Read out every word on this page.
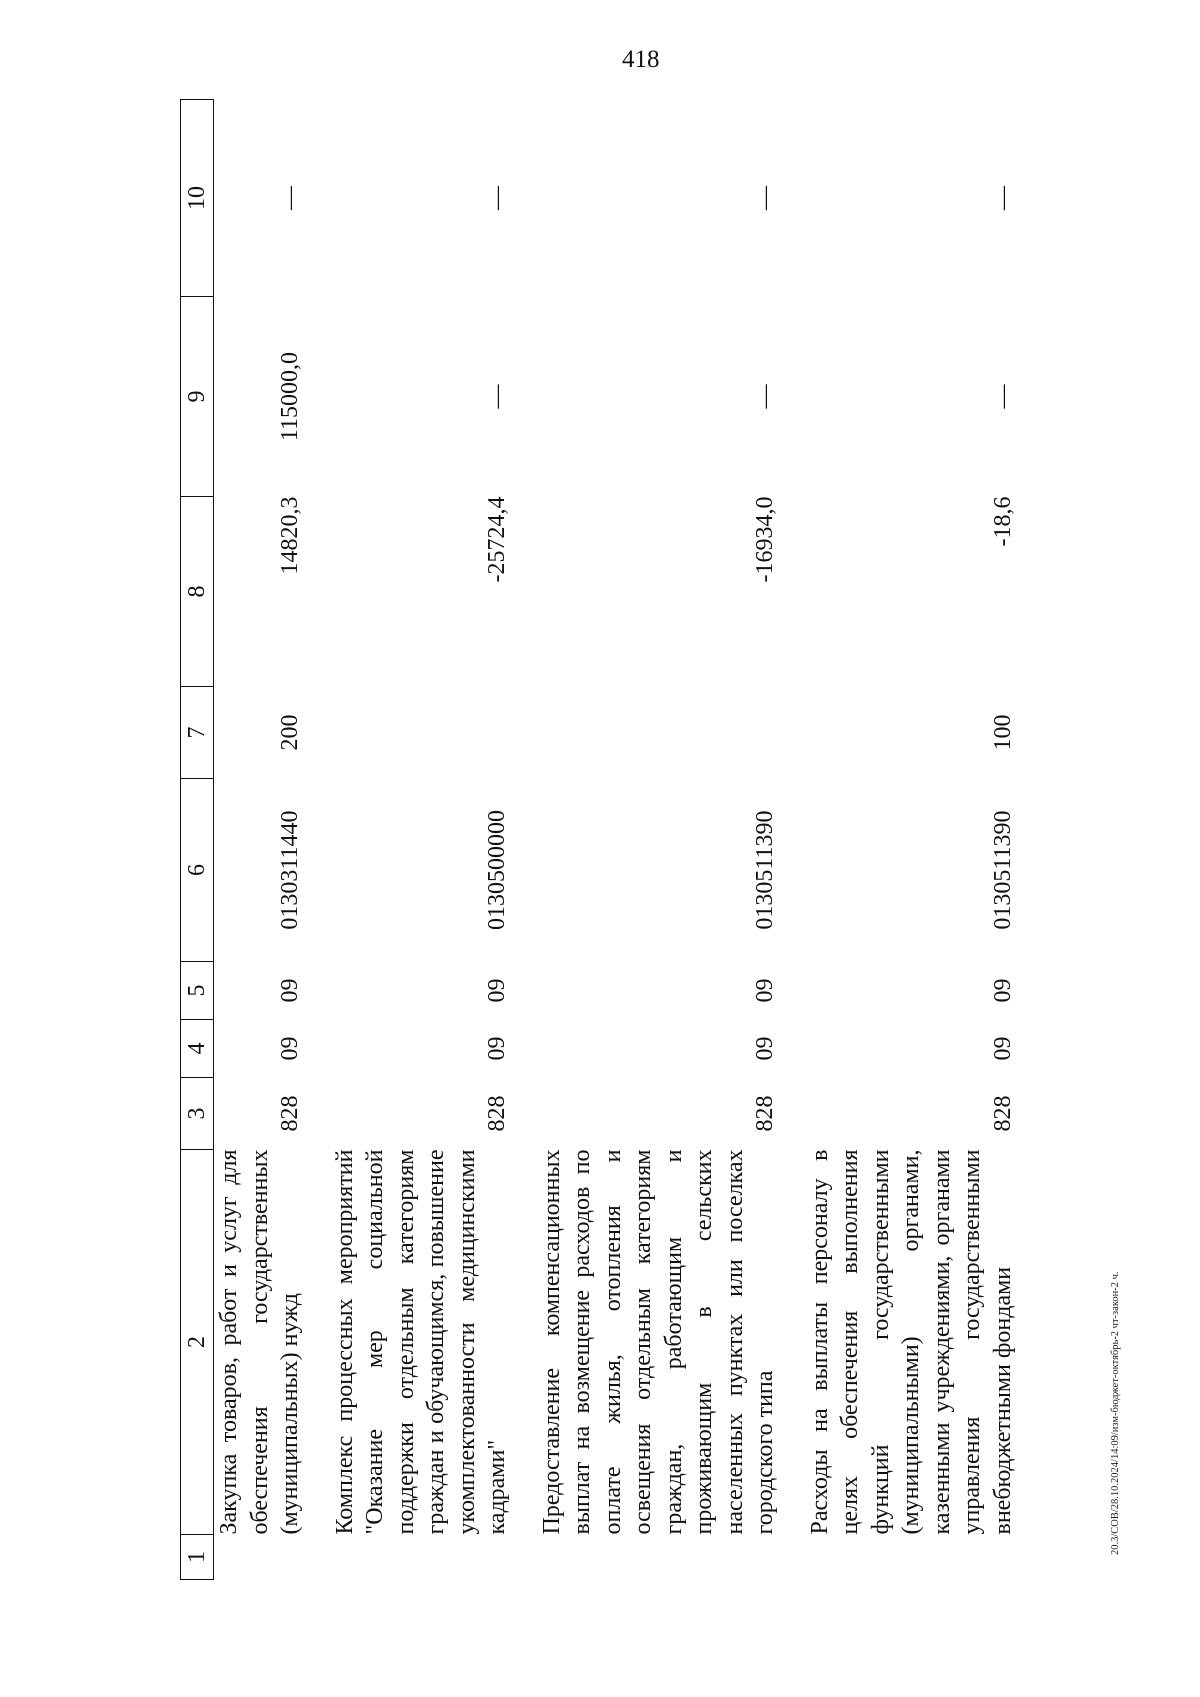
418
1	2	3	4	5	6	7	8	9	10
	Закупка товаров, работ и услуг для обеспечения государственных (муниципальных) нужд	828	09	09	0130311440	200	14820,3	115000,0	—

	Комплекс процессных мероприятий "Оказание мер социальной поддержки отдельным категориям граждан и обучающимся, повышение укомплектованности медицинскими кадрами"	828	09	09	0130500000		-25724,4	—	—

	Предоставление компенсационных выплат на возмещение расходов по оплате жилья, отопления и освещения отдельным категориям граждан, работающим и проживающим в сельских населенных пунктах или поселках городского типа	828	09	09	0130511390		-16934,0	—	—

	Расходы на выплаты персоналу в целях обеспечения выполнения функций государственными (муниципальными) органами, казенными учреждениями, органами управления государственными внебюджетными фондами	828	09	09	0130511390	100	-18,6	—	—
20.3/СОВ/28.10.2024/14:09/изм-бюджет-октябрь-2 чт-закон-2 ч.
